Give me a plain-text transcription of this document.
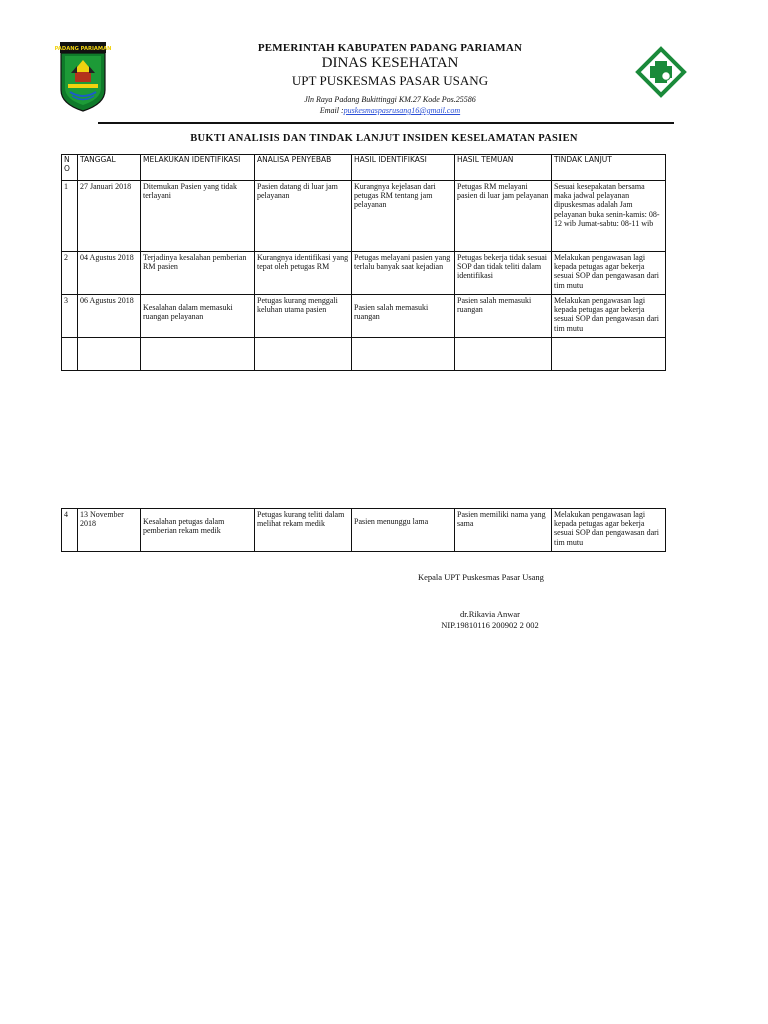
PADANG PARIAMAN	PEMERINTAH KABUPATEN PADANG PARIAMAN
DINAS KESEHATAN
UPT PUSKESMAS PASAR USANG
Jln Raya Padang Bukittinggi KM.27 Kode Pos.25586
Email :puskesmaspasrusang16@gmail.com
BUKTI ANALISIS DAN TINDAK LANJUT INSIDEN KESELAMATAN PASIEN
N O	TANGGAL	MELAKUKAN IDENTIFIKASI	ANALISA PENYEBAB	HASIL IDENTIFIKASI	HASIL TEMUAN	TINDAK LANJUT
1	27 Januari 2018	Ditemukan Pasien yang tidak terlayani	Pasien datang di luar jam pelayanan	Kurangnya kejelasan dari petugas RM tentang jam pelayanan	Petugas RM melayani pasien di luar jam pelayanan	Sesuai kesepakatan bersama maka jadwal pelayanan dipuskesmas adalah Jam pelayanan buka senin-kamis: 08-12 wib Jumat-sabtu: 08-11 wib
2	04 Agustus 2018	Terjadinya kesalahan pemberian RM pasien	Kurangnya identifikasi yang tepat oleh petugas RM	Petugas melayani pasien yang terlalu banyak saat kejadian	Petugas bekerja tidak sesuai SOP dan tidak teliti dalam identifikasi	Melakukan pengawasan lagi kepada petugas agar bekerja sesuai SOP dan pengawasan dari tim mutu
3	06 Agustus 2018	Kesalahan dalam memasuki ruangan pelayanan	Petugas kurang menggali keluhan utama pasien	Pasien salah memasuki ruangan	Pasien salah memasuki ruangan	Melakukan pengawasan lagi kepada petugas agar bekerja sesuai SOP dan pengawasan dari tim mutu

4	13 November 2018	Kesalahan petugas dalam pemberian rekam medik	Petugas kurang teliti dalam melihat rekam medik	Pasien menunggu lama	Pasien memiliki nama yang sama	Melakukan pengawasan lagi kepada petugas agar bekerja sesuai SOP dan pengawasan dari tim mutu
Kepala UPT Puskesmas Pasar Usang
dr.Rikavia Anwar
NIP.19810116 200902 2 002
